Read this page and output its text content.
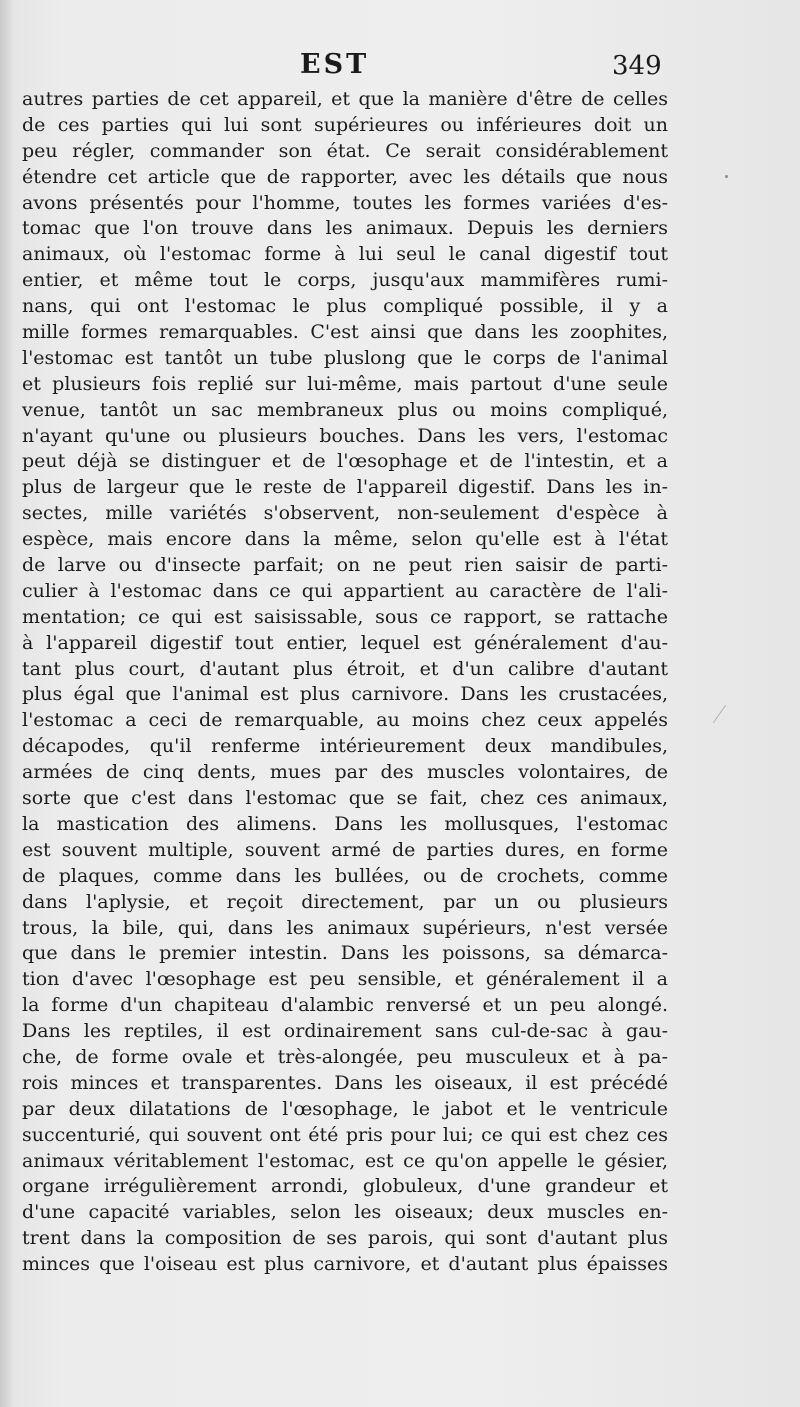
EST	349
autres parties de cet appareil, et que la manière d'être de celles
de ces parties qui lui sont supérieures ou inférieures doit un
peu régler, commander son état. Ce serait considérablement
étendre cet article que de rapporter, avec les détails que nous
avons présentés pour l'homme, toutes les formes variées d'es-
tomac que l'on trouve dans les animaux. Depuis les derniers
animaux, où l'estomac forme à lui seul le canal digestif tout
entier, et même tout le corps, jusqu'aux mammifères rumi-
nans, qui ont l'estomac le plus compliqué possible, il y a
mille formes remarquables. C'est ainsi que dans les zoophites,
l'estomac est tantôt un tube pluslong que le corps de l'animal
et plusieurs fois replié sur lui-même, mais partout d'une seule
venue, tantôt un sac membraneux plus ou moins compliqué,
n'ayant qu'une ou plusieurs bouches. Dans les vers, l'estomac
peut déjà se distinguer et de l'œsophage et de l'intestin, et a
plus de largeur que le reste de l'appareil digestif. Dans les in-
sectes, mille variétés s'observent, non-seulement d'espèce à
espèce, mais encore dans la même, selon qu'elle est à l'état
de larve ou d'insecte parfait; on ne peut rien saisir de parti-
culier à l'estomac dans ce qui appartient au caractère de l'ali-
mentation; ce qui est saisissable, sous ce rapport, se rattache
à l'appareil digestif tout entier, lequel est généralement d'au-
tant plus court, d'autant plus étroit, et d'un calibre d'autant
plus égal que l'animal est plus carnivore. Dans les crustacées,
l'estomac a ceci de remarquable, au moins chez ceux appelés
décapodes, qu'il renferme intérieurement deux mandibules,
armées de cinq dents, mues par des muscles volontaires, de
sorte que c'est dans l'estomac que se fait, chez ces animaux,
la mastication des alimens. Dans les mollusques, l'estomac
est souvent multiple, souvent armé de parties dures, en forme
de plaques, comme dans les bullées, ou de crochets, comme
dans l'aplysie, et reçoit directement, par un ou plusieurs
trous, la bile, qui, dans les animaux supérieurs, n'est versée
que dans le premier intestin. Dans les poissons, sa démarca-
tion d'avec l'œsophage est peu sensible, et généralement il a
la forme d'un chapiteau d'alambic renversé et un peu alongé.
Dans les reptiles, il est ordinairement sans cul-de-sac à gau-
che, de forme ovale et très-alongée, peu musculeux et à pa-
rois minces et transparentes. Dans les oiseaux, il est précédé
par deux dilatations de l'œsophage, le jabot et le ventricule
succenturié, qui souvent ont été pris pour lui; ce qui est chez ces
animaux véritablement l'estomac, est ce qu'on appelle le gésier,
organe irrégulièrement arrondi, globuleux, d'une grandeur et
d'une capacité variables, selon les oiseaux; deux muscles en-
trent dans la composition de ses parois, qui sont d'autant plus
minces que l'oiseau est plus carnivore, et d'autant plus épaisses
